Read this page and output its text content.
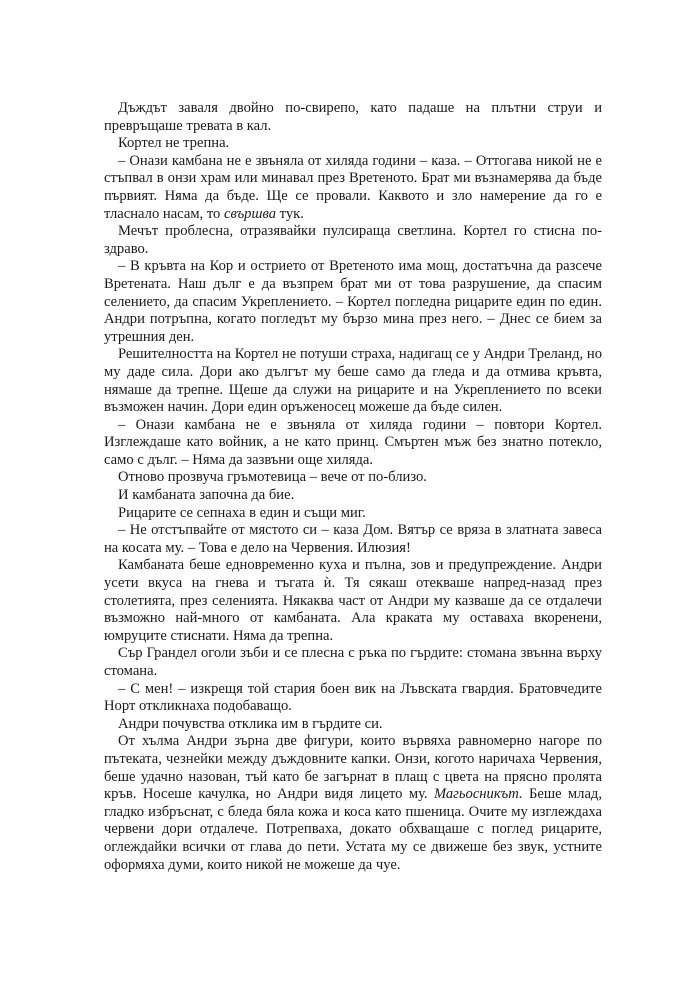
Дъждът заваля двойно по-свирепо, като падаше на плътни струи и превръщаше тревата в кал.

Кортел не трепна.

– Онази камбана не е звъняла от хиляда години – каза. – Оттогава никой не е стъпвал в онзи храм или минавал през Вретеното. Брат ми възнамерява да бъде първият. Няма да бъде. Ще се провали. Каквото и зло намерение да го е тласнало насам, то свършва тук.

Мечът проблесна, отразявайки пулсираща светлина. Кортел го стисна по-здраво.

– В кръвта на Кор и острието от Вретеното има мощ, достатъчна да разсече Вретената. Наш дълг е да възпрем брат ми от това разрушение, да спасим селението, да спасим Укреплението. – Кортел погледна рицарите един по един. Андри потръпна, когато погледът му бързо мина през него. – Днес се бием за утрешния ден.

Решителността на Кортел не потуши страха, надигащ се у Андри Треланд, но му даде сила. Дори ако дългът му беше само да гледа и да отмива кръвта, нямаше да трепне. Щеше да служи на рицарите и на Укреплението по всеки възможен начин. Дори един оръженосец можеше да бъде силен.

– Онази камбана не е звъняла от хиляда години – повтори Кортел. Изглеждаше като войник, а не като принц. Смъртен мъж без знатно потекло, само с дълг. – Няма да зазвъни още хиляда.

Отново прозвуча гръмотевица – вече от по-близо.

И камбаната започна да бие.

Рицарите се сепнаха в един и същи миг.

– Не отстъпвайте от мястото си – каза Дом. Вятър се вряза в златната завеса на косата му. – Това е дело на Червения. Илюзия!

Камбаната беше едновременно куха и пълна, зов и предупреждение. Андри усети вкуса на гнева и тъгата ѝ. Тя сякаш отекваше напред-назад през столетията, през селенията. Някаква част от Андри му казваше да се отдалечи възможно най-много от камбаната. Ала краката му оставаха вкоренени, юмруците стиснати. Няма да трепна.

Сър Грандел оголи зъби и се плесна с ръка по гърдите: стомана звънна върху стомана.

– С мен! – изкрещя той стария боен вик на Лъвската гвардия. Братовчедите Норт откликнаха подобаващо.

Андри почувства отклика им в гърдите си.

От хълма Андри зърна две фигури, които вървяха равномерно нагоре по пътеката, чезнейки между дъждовните капки. Онзи, когото наричаха Червения, беше удачно назован, тъй като бе загърнат в плащ с цвета на прясно пролята кръв. Носеше качулка, но Андри видя лицето му. Магьосникът. Беше млад, гладко избръснат, с бледа бяла кожа и коса като пшеница. Очите му изглеждаха червени дори отдалече. Потрепваха, докато обхващаше с поглед рицарите, оглеждайки всички от глава до пети. Устата му се движеше без звук, устните оформяха думи, които никой не можеше да чуе.
